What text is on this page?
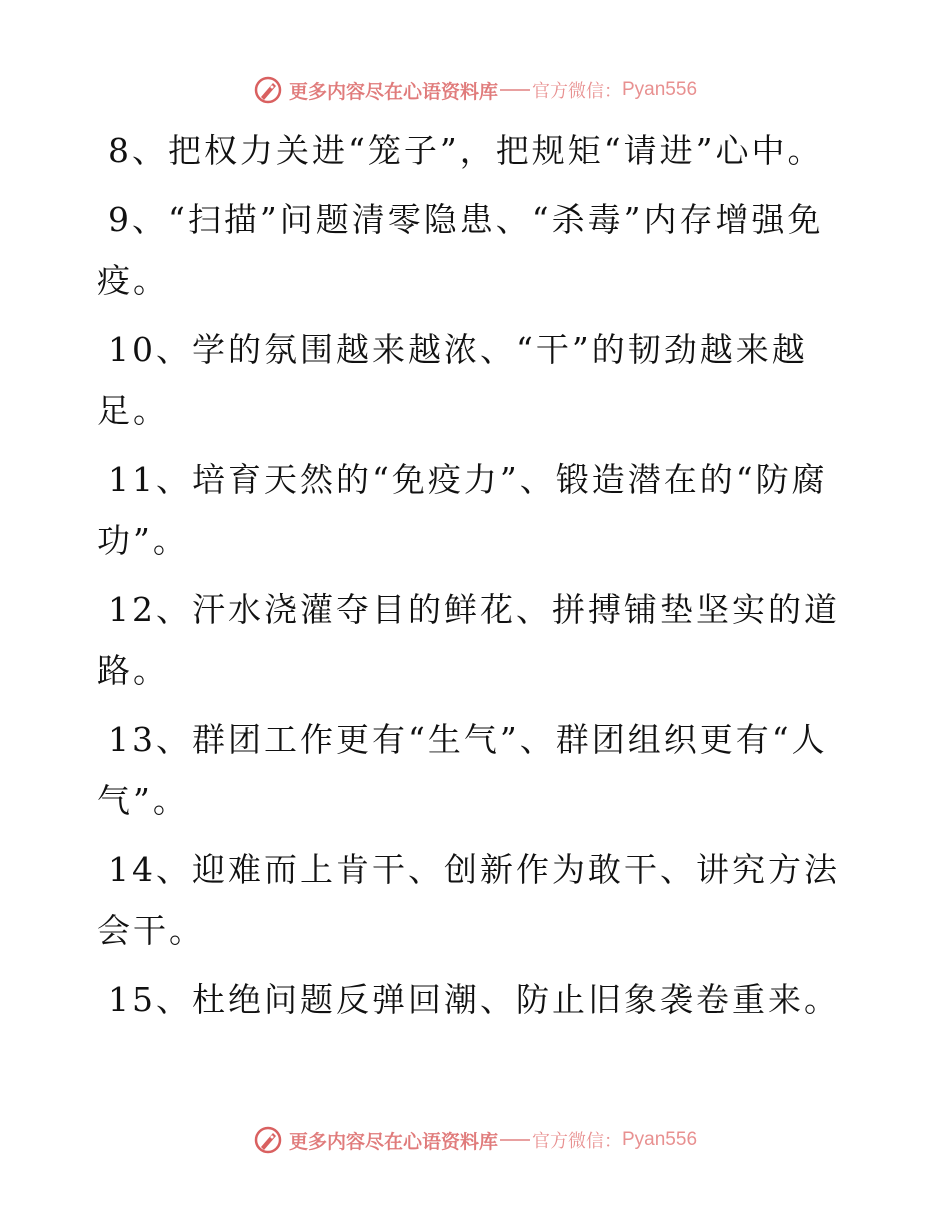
更多内容尽在心语资料库 官方微信： Pyan556

8、把权力关进“笼子”，把规矩“请进”心中。

9、“扫描”问题清零隐患、“杀毒”内存增强免疫。

10、学的氛围越来越浓、“干”的韧劲越来越足。

11、培育天然的“免疫力”、锻造潜在的“防腐功”。

12、汗水浇灌夺目的鲜花、拼搏铺垫坚实的道路。

13、群团工作更有“生气”、群团组织更有“人气”。

14、迎难而上肯干、创新作为敢干、讲究方法会干。

15、杜绝问题反弹回潮、防止旧象袭卷重来。

更多内容尽在心语资料库 官方微信： Pyan556
